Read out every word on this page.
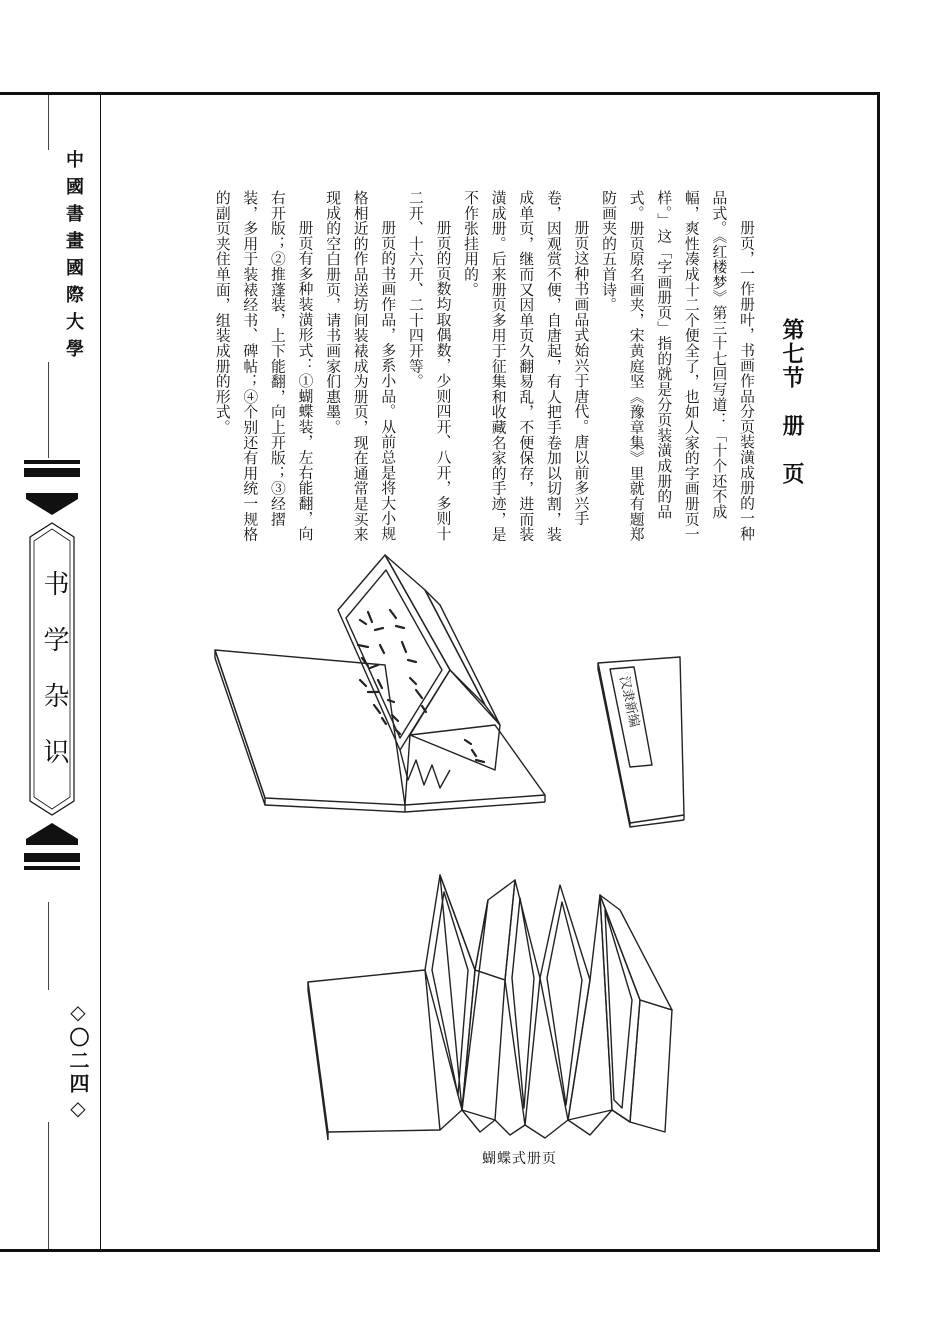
中國書畫國際大學
书学杂识
◇〇二四◇
第七节　册　页

册页，一作册叶，书画作品分页装潢成册的一种品式。《红楼梦》第三十七回写道：「十个还不成幅，爽性凑成十二个便全了，也如人家的字画册页一样。」这「字画册页」指的就是分页装潢成册的品式。册页原名画夹，宋黄庭坚《豫章集》里就有题郑防画夹的五首诗。

册页这种书画品式始兴于唐代。唐以前多兴手卷，因观赏不便，自唐起，有人把手卷加以切割，装成单页，继而又因单页久翻易乱，不便保存，进而装潢成册。后来册页多用于征集和收藏名家的手迹，是不作张挂用的。

册页的页数均取偶数，少则四开、八开，多则十二开、十六开、二十四开等。

册页的书画作品，多系小品。从前总是将大小规格相近的作品送坊间装裱成为册页，现在通常是买来现成的空白册页，请书画家们惠墨。

册页有多种装潢形式：①蝴蝶装，左右能翻，向右开版；②推蓬装，上下能翻，向上开版；③经摺装，多用于装裱经书、碑帖；④个别还有用统一规格的副页夹住单面，组装成册的形式。

汉隶新编
蝴蝶式册页
